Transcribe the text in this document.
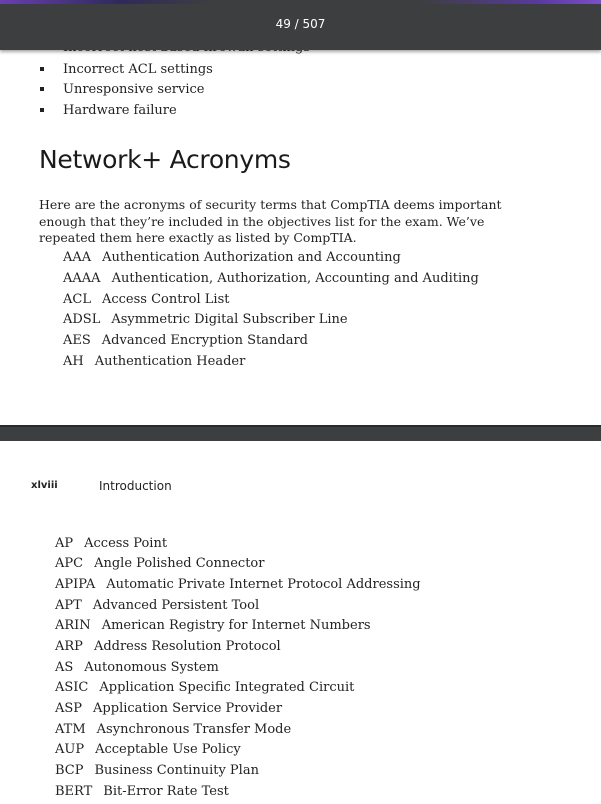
Incorrect ACL settings
Unresponsive service
Hardware failure
Network+ Acronyms
Here are the acronyms of security terms that CompTIA deems important enough that they’re included in the objectives list for the exam. We’ve repeated them here exactly as listed by CompTIA.
AAA Authentication Authorization and Accounting
AAAA Authentication, Authorization, Accounting and Auditing
ACL Access Control List
ADSL Asymmetric Digital Subscriber Line
AES Advanced Encryption Standard
AH Authentication Header
xlviii	Introduction
AP Access Point
APC Angle Polished Connector
APIPA Automatic Private Internet Protocol Addressing
APT Advanced Persistent Tool
ARIN American Registry for Internet Numbers
ARP Address Resolution Protocol
AS Autonomous System
ASIC Application Specific Integrated Circuit
ASP Application Service Provider
ATM Asynchronous Transfer Mode
AUP Acceptable Use Policy
BCP Business Continuity Plan
BERT Bit-Error Rate Test
49 / 507
